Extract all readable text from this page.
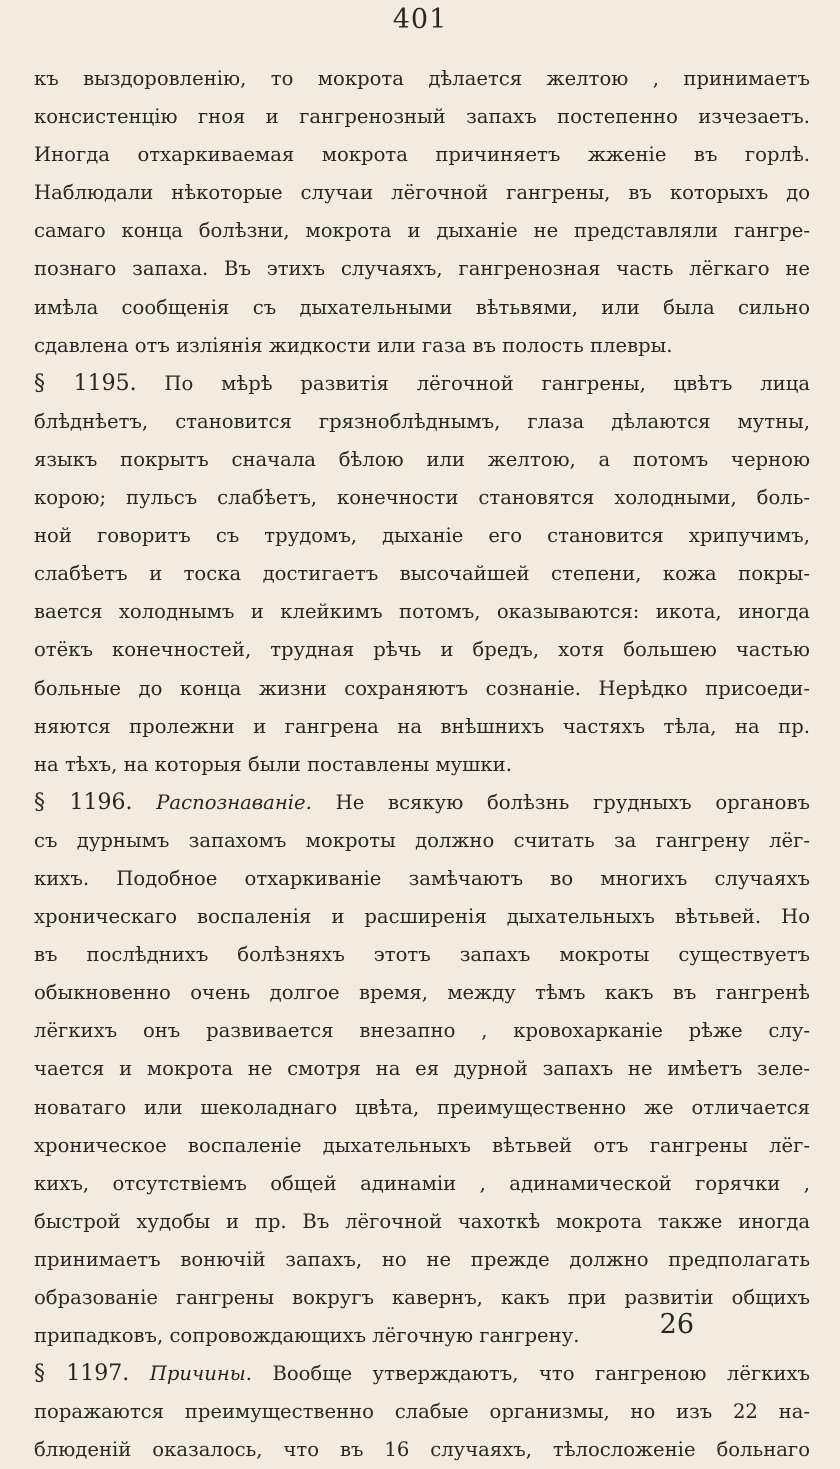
401
къ выздоровленію, то мокрота дѣлается желтою , принимаетъ
консистенцію гноя и гангренозный запахъ постепенно изчезаетъ.
Иногда отхаркиваемая мокрота причиняетъ жженіе въ горлѣ.
Наблюдали нѣкоторые случаи лёгочной гангрены, въ которыхъ до
самаго конца болѣзни, мокрота и дыханіе не представляли гангре-
познаго запаха. Въ этихъ случаяхъ, гангренозная часть лёгкаго не
имѣла сообщенія съ дыхательными вѣтьвями, или была сильно
сдавлена отъ изліянія жидкости или газа въ полость плевры.
§ 1195. По мѣрѣ развитія лёгочной гангрены, цвѣтъ лица
блѣднѣетъ, становится грязноблѣднымъ, глаза дѣлаются мутны,
языкъ покрытъ сначала бѣлою или желтою, а потомъ черною
корою; пульсъ слабѣетъ, конечности становятся холодными, боль-
ной говоритъ съ трудомъ, дыханіе его становится хрипучимъ,
слабѣетъ и тоска достигаетъ высочайшей степени, кожа покры-
вается холоднымъ и клейкимъ потомъ, оказываются: икота, иногда
отёкъ конечностей, трудная рѣчь и бредъ, хотя большею частью
больные до конца жизни сохраняютъ сознаніе. Нерѣдко присоеди-
няются пролежни и гангрена на внѣшнихъ частяхъ тѣла, на пр.
на тѣхъ, на которыя были поставлены мушки.
§ 1196. Распознаваніе. Не всякую болѣзнь грудныхъ органовъ
съ дурнымъ запахомъ мокроты должно считать за гангрену лёг-
кихъ. Подобное отхаркиваніе замѣчаютъ во многихъ случаяхъ
хроническаго воспаленія и расширенія дыхательныхъ вѣтьвей. Но
въ послѣднихъ болѣзняхъ этотъ запахъ мокроты существуетъ
обыкновенно очень долгое время, между тѣмъ какъ въ гангренѣ
лёгкихъ онъ развивается внезапно , кровохарканіе рѣже слу-
чается и мокрота не смотря на ея дурной запахъ не имѣетъ зеле-
новатаго или шеколаднаго цвѣта, преимущественно же отличается
хроническое воспаленіе дыхательныхъ вѣтьвей отъ гангрены лёг-
кихъ, отсутствіемъ общей адинаміи , адинамической горячки ,
быстрой худобы и пр. Въ лёгочной чахоткѣ мокрота также иногда
принимаетъ вонючій запахъ, но не прежде должно предполагать
образованіе гангрены вокругъ кавернъ, какъ при развитіи общихъ
припадковъ, сопровождающихъ лёгочную гангрену.
§ 1197. Причины. Вообще утверждаютъ, что гангреною лёгкихъ
поражаются преимущественно слабые организмы, но изъ 22 на-
блюденій оказалось, что въ 16 случаяхъ, тѣлосложеніе больнаго
26
